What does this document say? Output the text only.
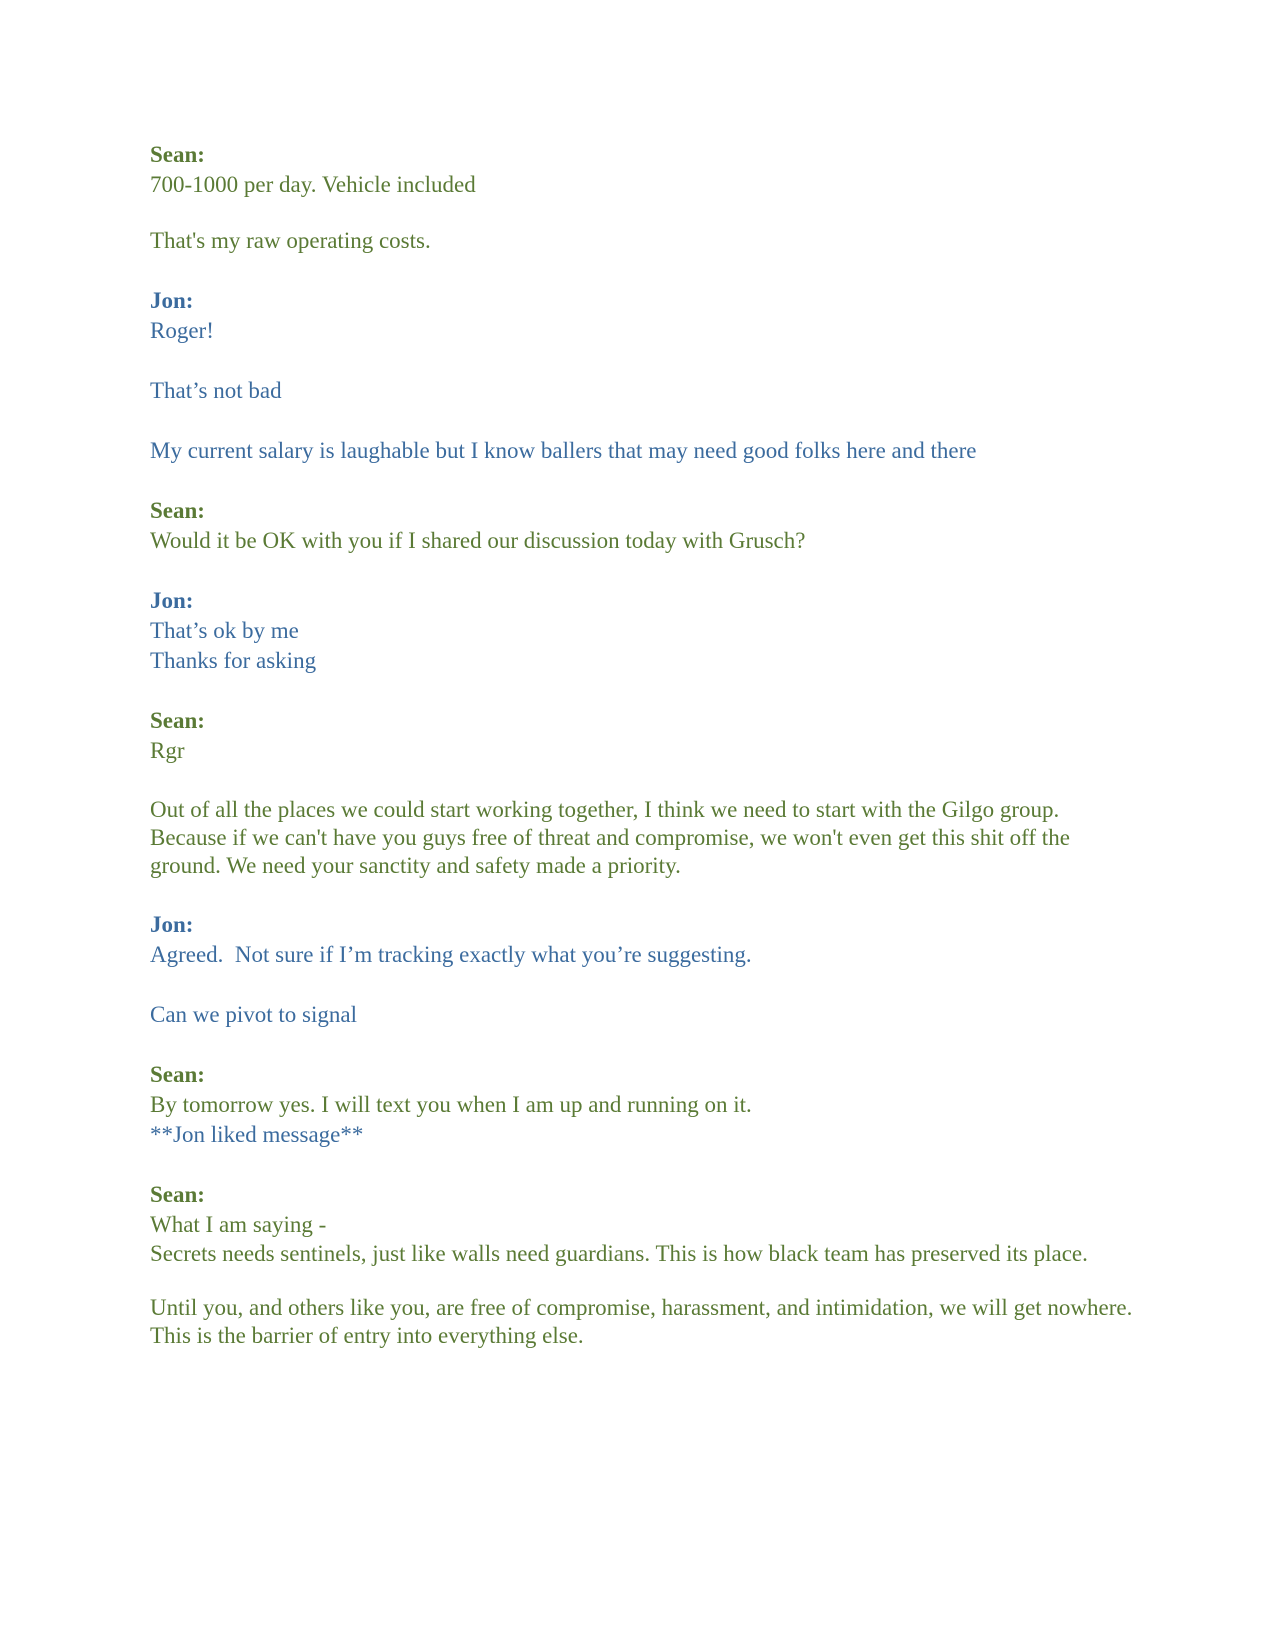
Sean:
700-1000 per day. Vehicle included
That's my raw operating costs.
Jon:
Roger!
That’s not bad
My current salary is laughable but I know ballers that may need good folks here and there
Sean:
Would it be OK with you if I shared our discussion today with Grusch?
Jon:
That’s ok by me
Thanks for asking
Sean:
Rgr
Out of all the places we could start working together, I think we need to start with the Gilgo group. Because if we can't have you guys free of threat and compromise, we won't even get this shit off the ground. We need your sanctity and safety made a priority.
Jon:
Agreed.  Not sure if I’m tracking exactly what you’re suggesting.
Can we pivot to signal
Sean:
By tomorrow yes. I will text you when I am up and running on it.
**Jon liked message**
Sean:
What I am saying -
Secrets needs sentinels, just like walls need guardians. This is how black team has preserved its place.
Until you, and others like you, are free of compromise, harassment, and intimidation, we will get nowhere. This is the barrier of entry into everything else.
